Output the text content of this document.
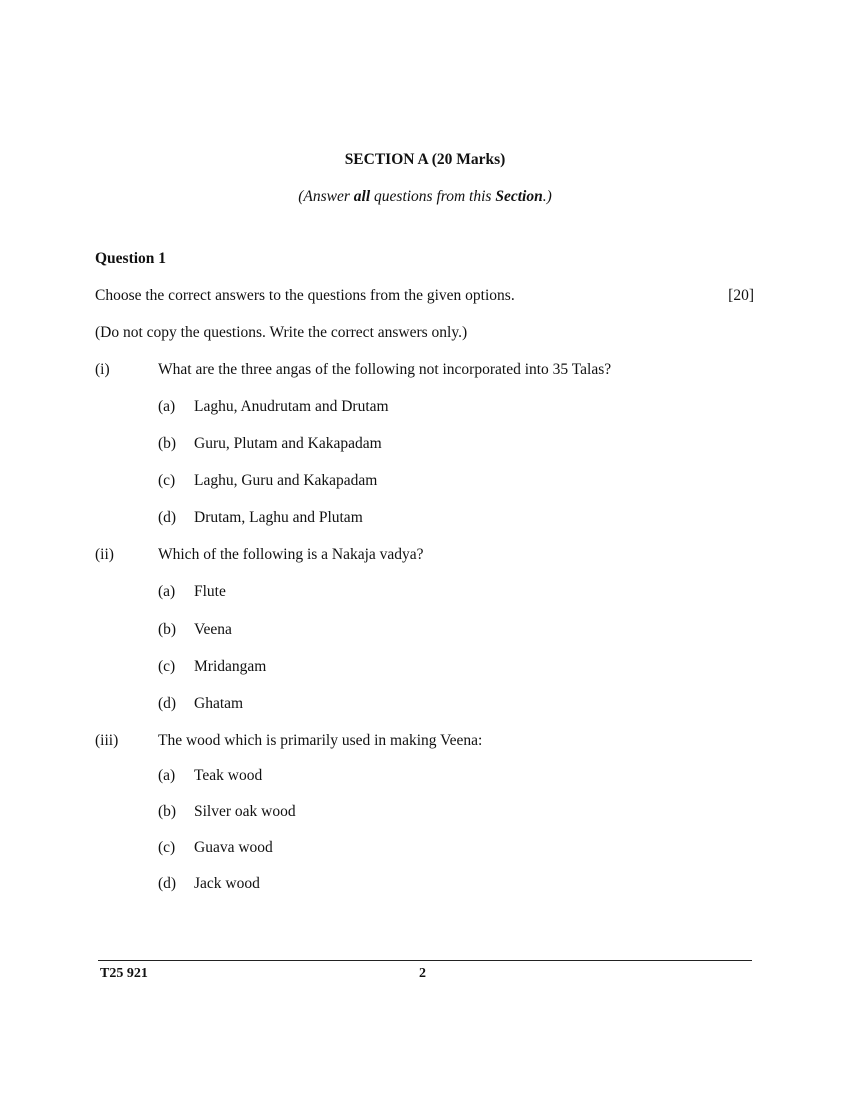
SECTION A (20 Marks)
(Answer all questions from this Section.)
Question 1
Choose the correct answers to the questions from the given options.	[20]
(Do not copy the questions. Write the correct answers only.)
(i)	What are the three angas of the following not incorporated into 35 Talas?
(a) Laghu, Anudrutam and Drutam
(b) Guru, Plutam and Kakapadam
(c) Laghu, Guru and Kakapadam
(d) Drutam, Laghu and Plutam
(ii)	Which of the following is a Nakaja vadya?
(a) Flute
(b) Veena
(c) Mridangam
(d) Ghatam
(iii)	The wood which is primarily used in making Veena:
(a) Teak wood
(b) Silver oak wood
(c) Guava wood
(d) Jack wood
T25 921	2
